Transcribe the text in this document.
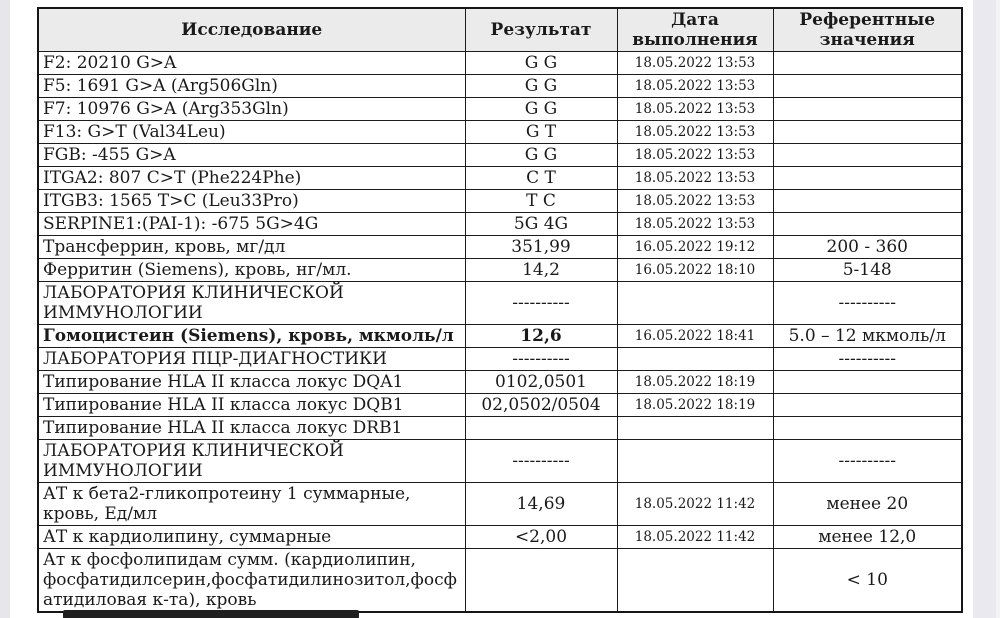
Исследование	Результат	Дата выполнения	Референтные значения
F2: 20210 G>A	G G	18.05.2022 13:53	
F5: 1691 G>A (Arg506Gln)	G G	18.05.2022 13:53	
F7: 10976 G>A (Arg353Gln)	G G	18.05.2022 13:53	
F13: G>T (Val34Leu)	G T	18.05.2022 13:53	
FGB: -455 G>A	G G	18.05.2022 13:53	
ITGA2: 807 C>T (Phe224Phe)	C T	18.05.2022 13:53	
ITGB3: 1565 T>C (Leu33Pro)	T C	18.05.2022 13:53	
SERPINE1:(PAI-1): -675 5G>4G	5G 4G	18.05.2022 13:53	
Трансферрин, кровь, мг/дл	351,99	16.05.2022 19:12	200 - 360
Ферритин (Siemens), кровь, нг/мл.	14,2	16.05.2022 18:10	5-148
ЛАБОРАТОРИЯ КЛИНИЧЕСКОЙ ИММУНОЛОГИИ	----------		----------
Гомоцистеин (Siemens), кровь, мкмоль/л	12,6	16.05.2022 18:41	5.0 – 12 мкмоль/л
ЛАБОРАТОРИЯ ПЦР-ДИАГНОСТИКИ	----------		----------
Типирование HLA II класса локус DQA1	0102,0501	18.05.2022 18:19	
Типирование HLA II класса локус DQB1	02,0502/0504	18.05.2022 18:19	
Типирование HLA II класса локус DRB1			
ЛАБОРАТОРИЯ КЛИНИЧЕСКОЙ ИММУНОЛОГИИ	----------		----------
АТ к бета2-гликопротеину 1 суммарные, кровь, Ед/мл	14,69	18.05.2022 11:42	менее 20
АТ к кардиолипину, суммарные	<2,00	18.05.2022 11:42	менее 12,0
Ат к фосфолипидам сумм. (кардиолипин, фосфатидилсерин,фосфатидилинозитол,фосфатидиловая к-та), кровь			< 10
